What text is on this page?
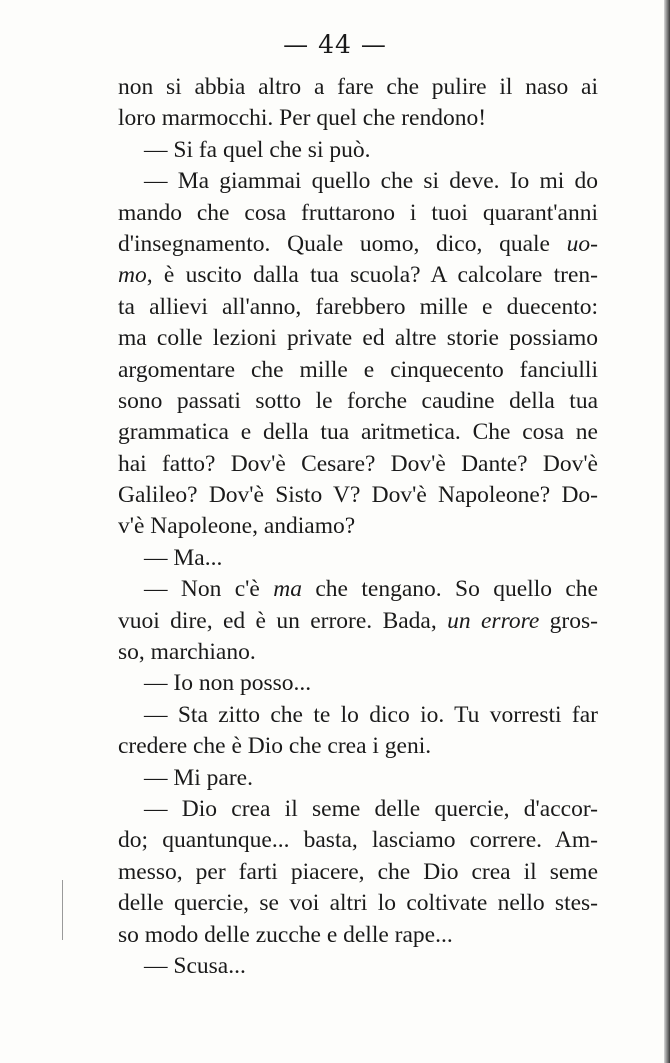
— 44 —
non si abbia altro a fare che pulire il naso ai
loro marmocchi. Per quel che rendono!
— Si fa quel che si può.
— Ma giammai quello che si deve. Io mi do
mando che cosa fruttarono i tuoi quarant'anni
d'insegnamento. Quale uomo, dico, quale uo-
mo, è uscito dalla tua scuola? A calcolare tren-
ta allievi all'anno, farebbero mille e duecento:
ma colle lezioni private ed altre storie possiamo
argomentare che mille e cinquecento fanciulli
sono passati sotto le forche caudine della tua
grammatica e della tua aritmetica. Che cosa ne
hai fatto? Dov'è Cesare? Dov'è Dante? Dov'è
Galileo? Dov'è Sisto V? Dov'è Napoleone? Do-
v'è Napoleone, andiamo?
— Ma...
— Non c'è ma che tengano. So quello che
vuoi dire, ed è un errore. Bada, un errore gros-
so, marchiano.
— Io non posso...
— Sta zitto che te lo dico io. Tu vorresti far
credere che è Dio che crea i geni.
— Mi pare.
— Dio crea il seme delle quercie, d'accor-
do; quantunque... basta, lasciamo correre. Am-
messo, per farti piacere, che Dio crea il seme
delle quercie, se voi altri lo coltivate nello stes-
so modo delle zucche e delle rape...
— Scusa...
